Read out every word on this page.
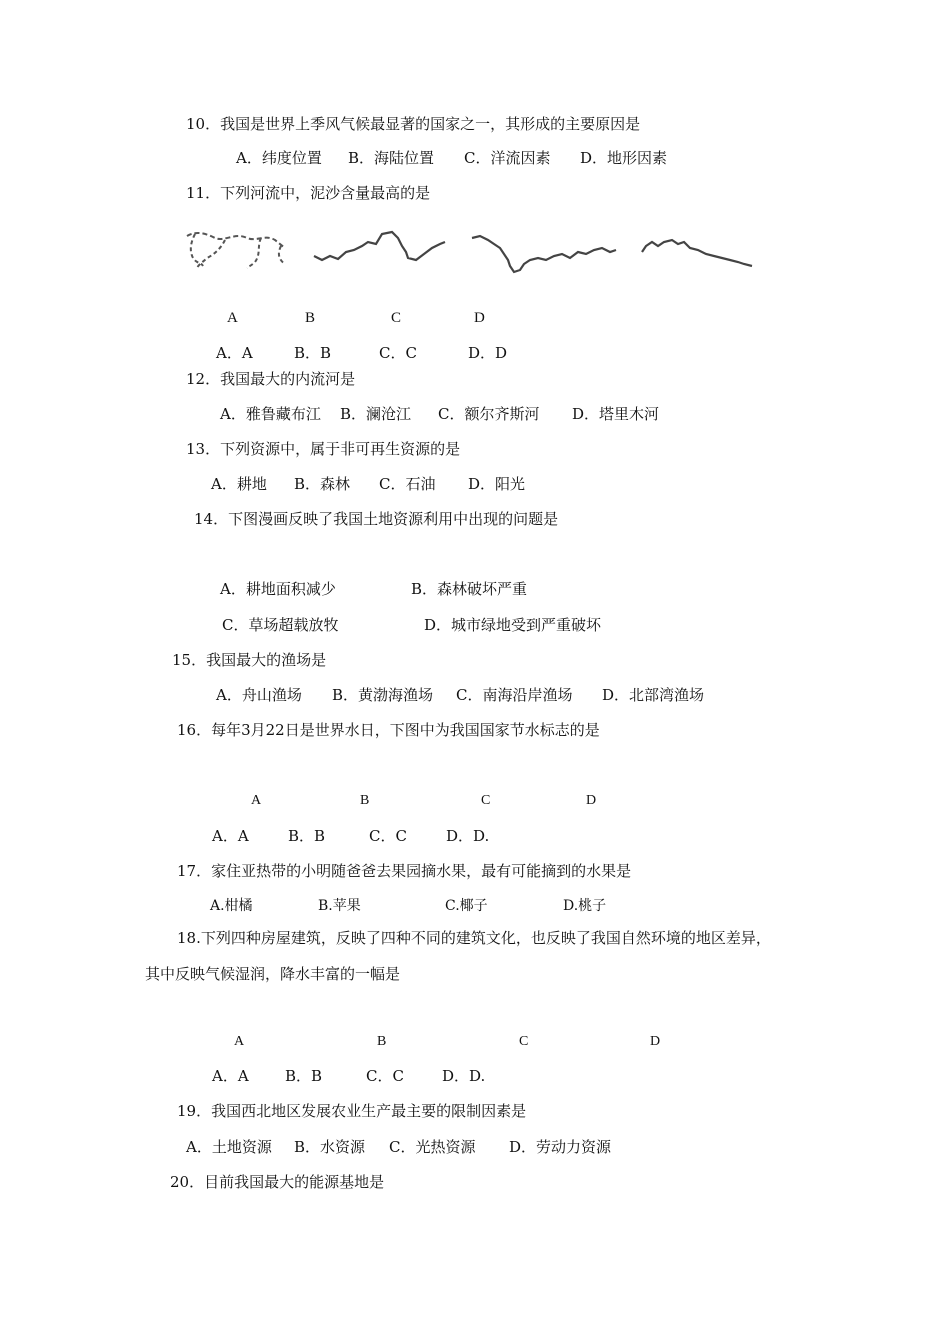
10．我国是世界上季风气候最显著的国家之一，其形成的主要原因是
A．纬度位置 B．海陆位置 C．洋流因素 D．地形因素
11．下列河流中，泥沙含量最高的是
A	B	C	D
A．A	B．B	C．C	D．D
12．我国最大的内流河是
A．雅鲁藏布江 B．澜沧江 C．额尔齐斯河 D．塔里木河
13．下列资源中，属于非可再生资源的是
A．耕地 B．森林 C．石油 D．阳光
14．下图漫画反映了我国土地资源利用中出现的问题是
A．耕地面积减少	B．森林破坏严重
C．草场超载放牧	D．城市绿地受到严重破坏
15．我国最大的渔场是
A．舟山渔场 B．黄渤海渔场 C．南海沿岸渔场 D．北部湾渔场
16．每年3月22日是世界水日，下图中为我国国家节水标志的是
A	B	C	D
A．A	B．B	C．C	D．D.
17．家住亚热带的小明随爸爸去果园摘水果，最有可能摘到的水果是
A.柑橘	B.苹果	C.椰子	D.桃子
18.下列四种房屋建筑，反映了四种不同的建筑文化，也反映了我国自然环境的地区差异，
其中反映气候湿润，降水丰富的一幅是
A	B	C	D
A．A B．B	C．C	D．D.
19．我国西北地区发展农业生产最主要的限制因素是
A．土地资源 B．水资源 C．光热资源 D．劳动力资源
20．目前我国最大的能源基地是
